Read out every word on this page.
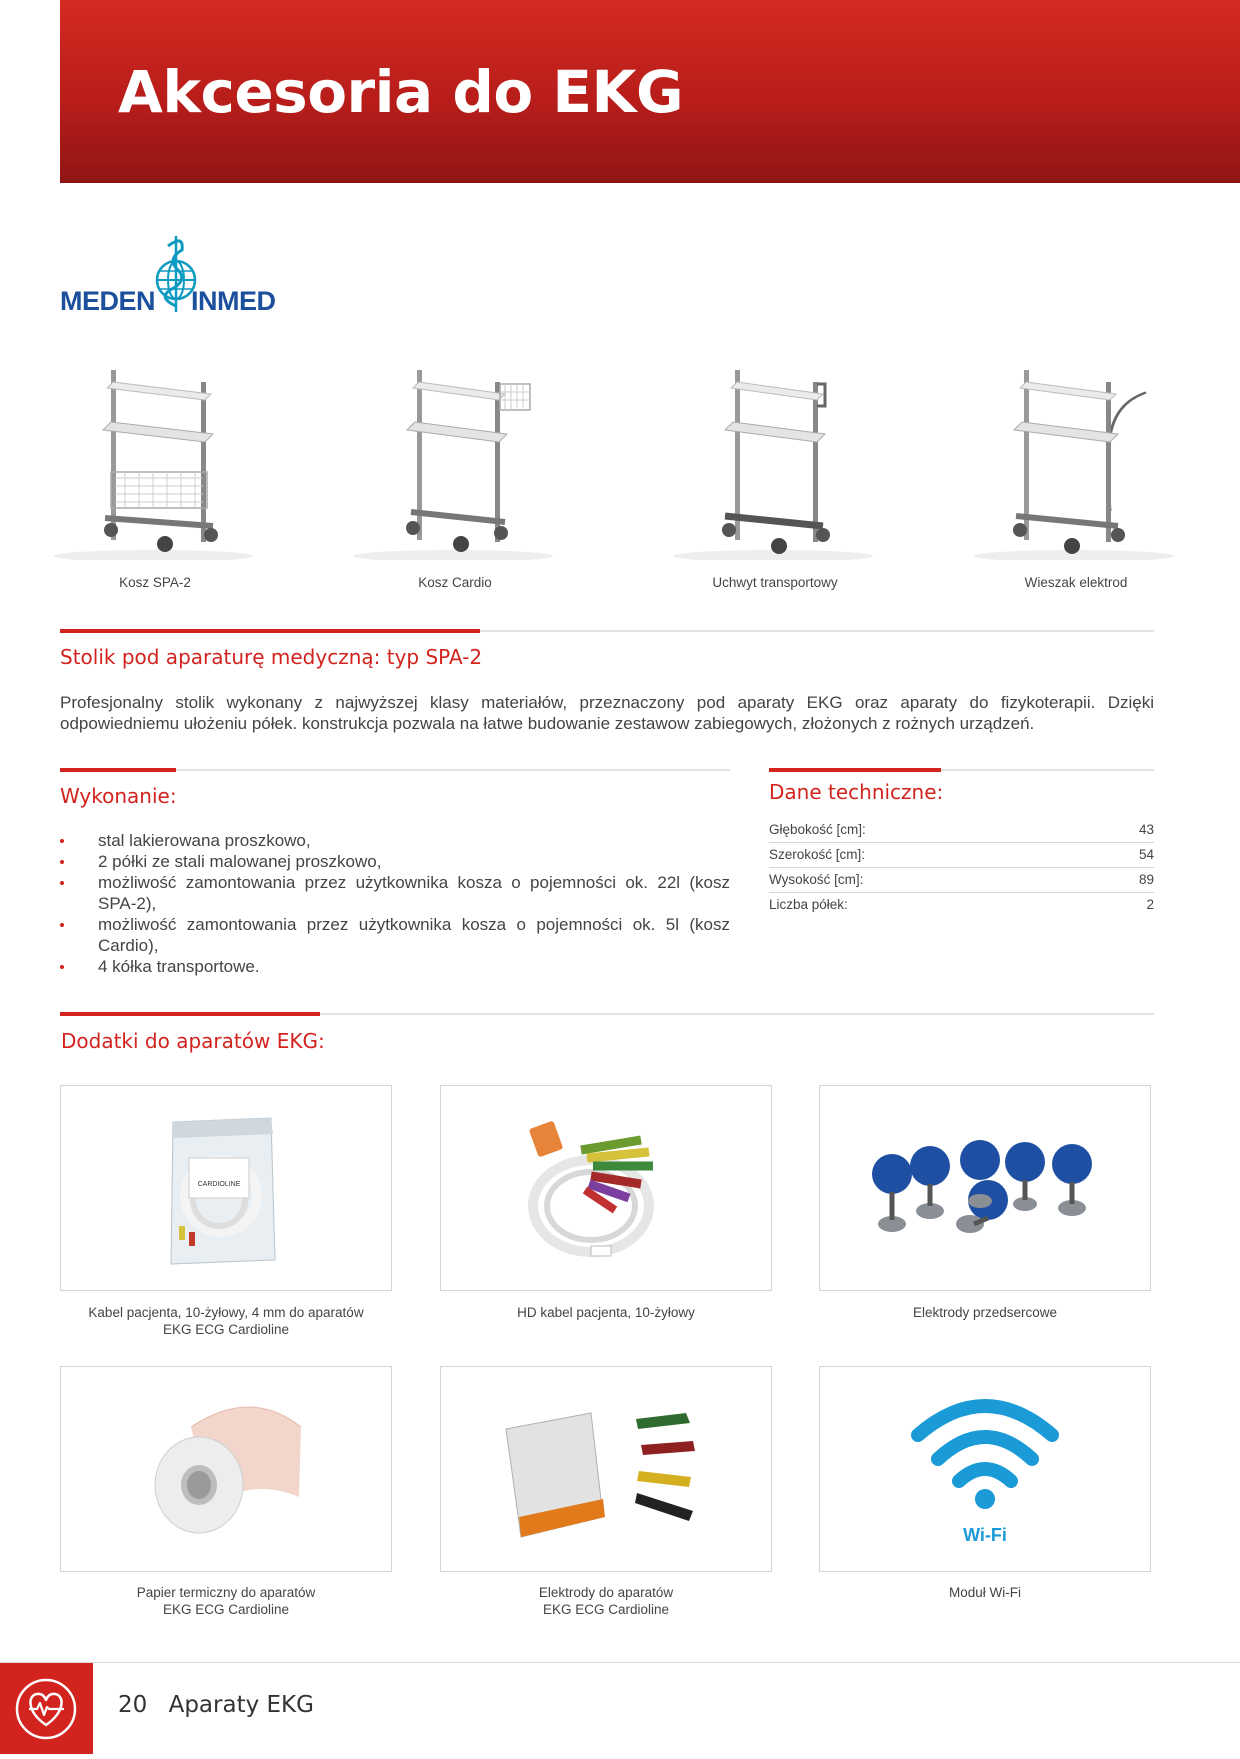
Akcesoria do EKG
MEDEN INMED
Kosz SPA-2	Kosz Cardio	Uchwyt transportowy	Wieszak elektrod
Stolik pod aparaturę medyczną: typ SPA-2
Profesjonalny stolik wykonany z najwyższej klasy materiałów, przeznaczony pod aparaty EKG oraz aparaty do fizykoterapii. Dzięki odpowiedniemu ułożeniu półek. konstrukcja pozwala na łatwe budowanie zestawow zabiegowych, złożonych z rożnych urządzeń.
Wykonanie:
stal lakierowana proszkowo,
2 półki ze stali malowanej proszkowo,
możliwość zamontowania przez użytkownika kosza o pojemności ok. 22l (kosz SPA-2),
możliwość zamontowania przez użytkownika kosza o pojemności ok. 5l (kosz Cardio),
4 kółka transportowe.
Dane techniczne:
Głębokość [cm]:	43
Szerokość [cm]:	54
Wysokość [cm]:	89
Liczba półek:	2
Dodatki do aparatów EKG:
CARDIOLINE
Kabel pacjenta, 10-żyłowy, 4 mm do aparatów
EKG ECG Cardioline
HD kabel pacjenta, 10-żyłowy	Elektrody przedsercowe
Wi-Fi
Papier termiczny do aparatów
EKG ECG Cardioline
Elektrody do aparatów
EKG ECG Cardioline
Moduł Wi-Fi
20 Aparaty EKG
